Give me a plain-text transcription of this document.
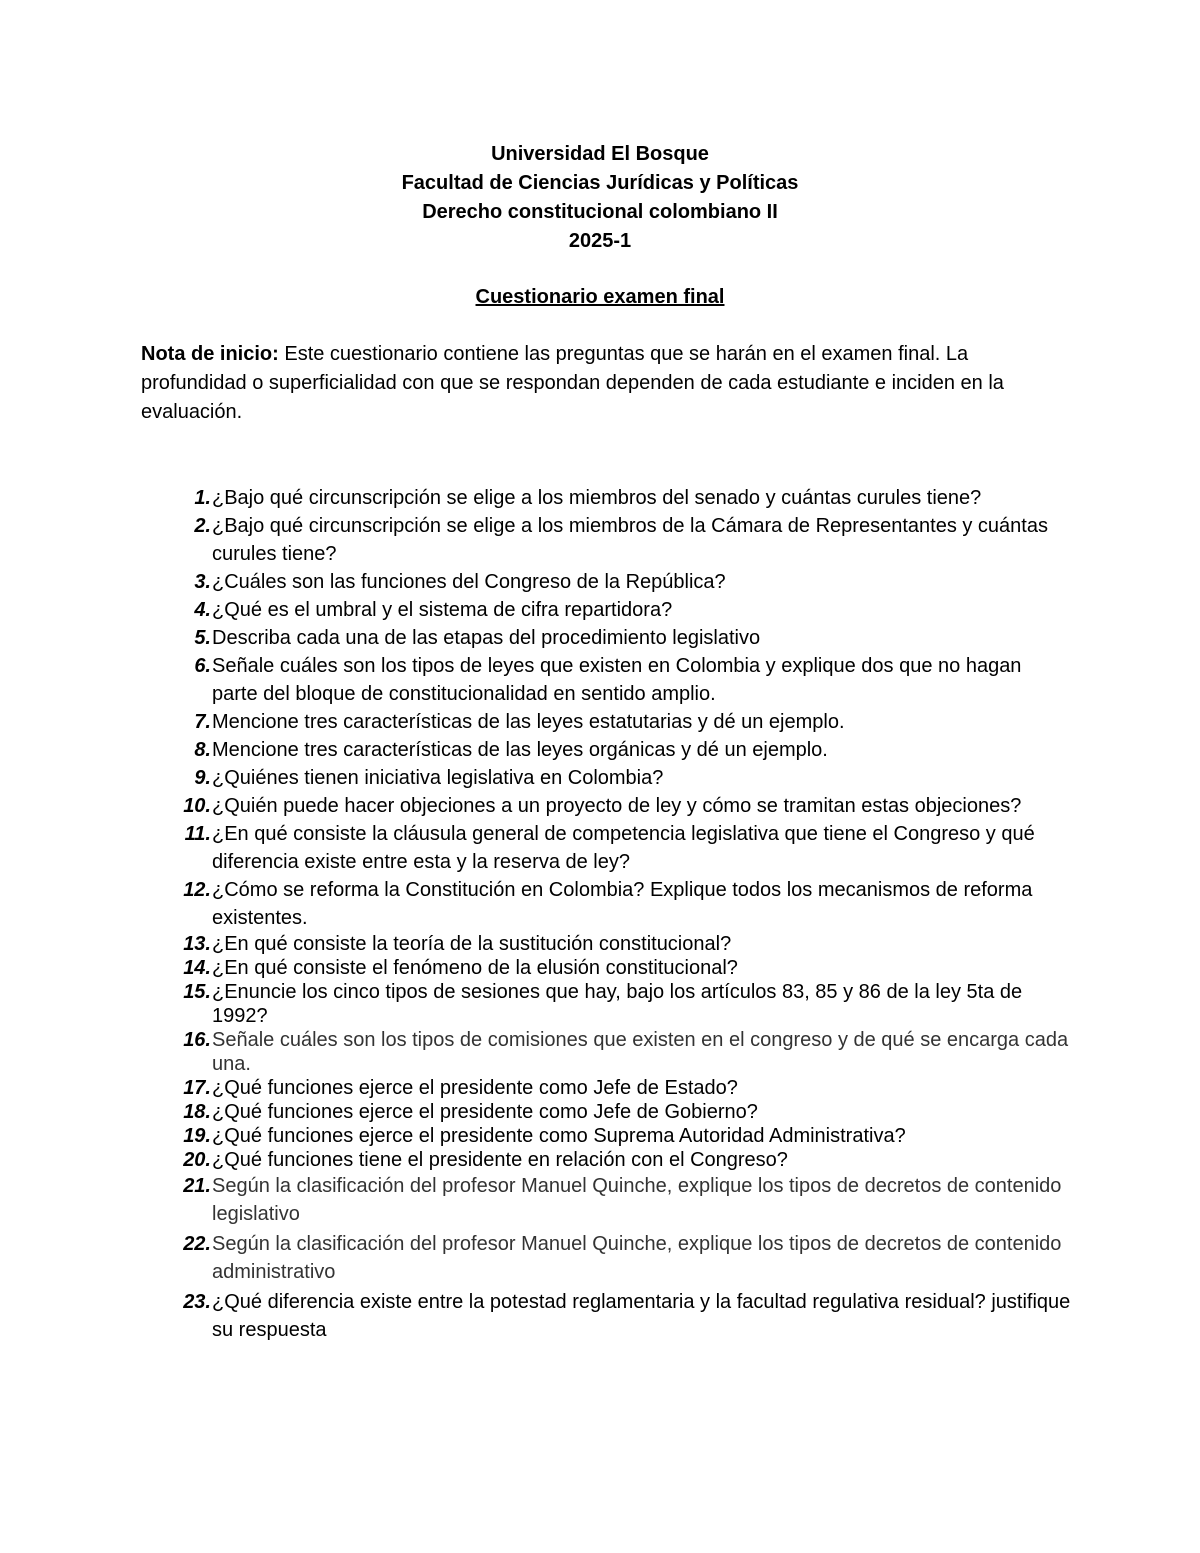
Universidad El Bosque
Facultad de Ciencias Jurídicas y Políticas
Derecho constitucional colombiano II
2025-1
Cuestionario examen final
Nota de inicio: Este cuestionario contiene las preguntas que se harán en el examen final. La profundidad o superficialidad con que se respondan dependen de cada estudiante e inciden en la evaluación.
1. ¿Bajo qué circunscripción se elige a los miembros del senado y cuántas curules tiene?
2. ¿Bajo qué circunscripción se elige a los miembros de la Cámara de Representantes y cuántas curules tiene?
3. ¿Cuáles son las funciones del Congreso de la República?
4. ¿Qué es el umbral y el sistema de cifra repartidora?
5. Describa cada una de las etapas del procedimiento legislativo
6. Señale cuáles son los tipos de leyes que existen en Colombia y explique dos que no hagan parte del bloque de constitucionalidad en sentido amplio.
7. Mencione tres características de las leyes estatutarias y dé un ejemplo.
8. Mencione tres características de las leyes orgánicas y dé un ejemplo.
9. ¿Quiénes tienen iniciativa legislativa en Colombia?
10. ¿Quién puede hacer objeciones a un proyecto de ley y cómo se tramitan estas objeciones?
11. ¿En qué consiste la cláusula general de competencia legislativa que tiene el Congreso y qué diferencia existe entre esta y la reserva de ley?
12. ¿Cómo se reforma la Constitución en Colombia? Explique todos los mecanismos de reforma existentes.
13. ¿En qué consiste la teoría de la sustitución constitucional?
14. ¿En qué consiste el fenómeno de la elusión constitucional?
15. ¿Enuncie los cinco tipos de sesiones que hay, bajo los artículos 83, 85 y 86 de la ley 5ta de 1992?
16. Señale cuáles son los tipos de comisiones que existen en el congreso y de qué se encarga cada una.
17. ¿Qué funciones ejerce el presidente como Jefe de Estado?
18. ¿Qué funciones ejerce el presidente como Jefe de Gobierno?
19. ¿Qué funciones ejerce el presidente como Suprema Autoridad Administrativa?
20. ¿Qué funciones tiene el presidente en relación con el Congreso?
21. Según la clasificación del profesor Manuel Quinche, explique los tipos de decretos de contenido legislativo
22. Según la clasificación del profesor Manuel Quinche, explique los tipos de decretos de contenido administrativo
23. ¿Qué diferencia existe entre la potestad reglamentaria y la facultad regulativa residual? justifique su respuesta
